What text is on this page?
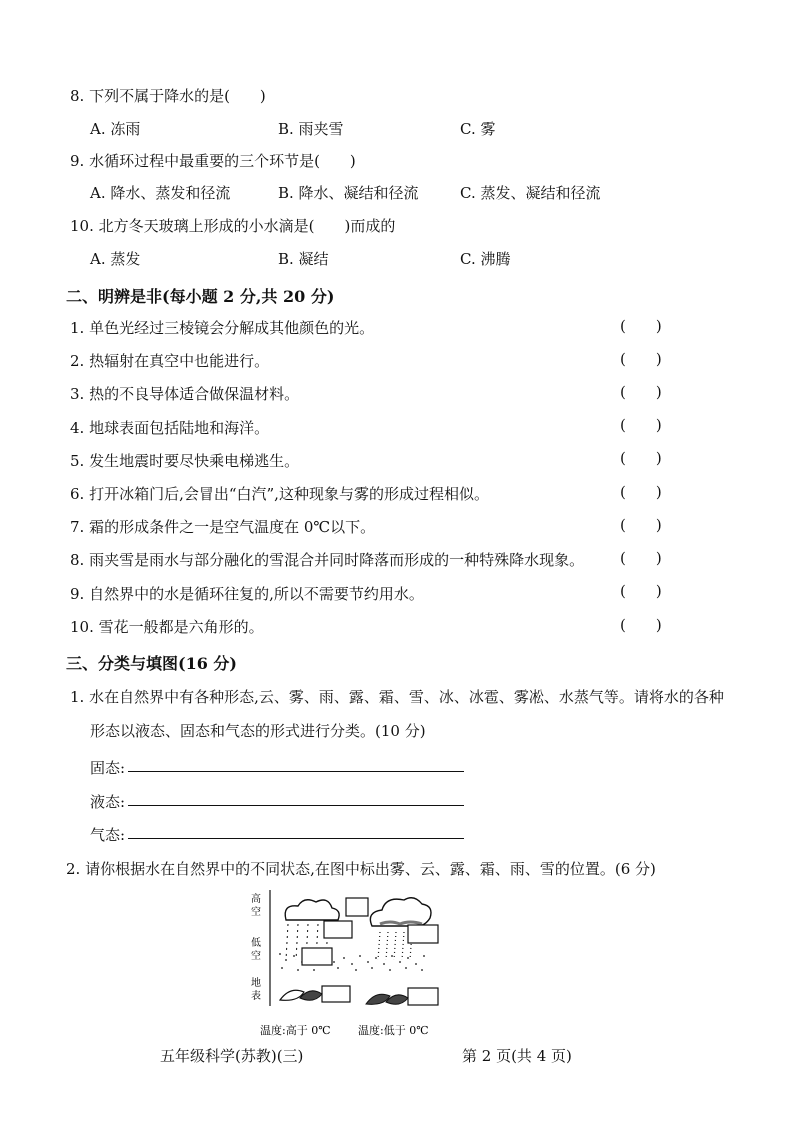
8. 下列不属于降水的是(　　)
A. 冻雨	B. 雨夹雪	C. 雾
9. 水循环过程中最重要的三个环节是(　　)
A. 降水、蒸发和径流	B. 降水、凝结和径流	C. 蒸发、凝结和径流
10. 北方冬天玻璃上形成的小水滴是(　　)而成的
A. 蒸发	B. 凝结	C. 沸腾
二、明辨是非(每小题 2 分,共 20 分)
1. 单色光经过三棱镜会分解成其他颜色的光。	(　　)
2. 热辐射在真空中也能进行。	(　　)
3. 热的不良导体适合做保温材料。	(　　)
4. 地球表面包括陆地和海洋。	(　　)
5. 发生地震时要尽快乘电梯逃生。	(　　)
6. 打开冰箱门后,会冒出“白汽”,这种现象与雾的形成过程相似。	(　　)
7. 霜的形成条件之一是空气温度在 0℃以下。	(　　)
8. 雨夹雪是雨水与部分融化的雪混合并同时降落而形成的一种特殊降水现象。 (　　)
9. 自然界中的水是循环往复的,所以不需要节约用水。	(　　)
10. 雪花一般都是六角形的。	(　　)
三、分类与填图(16 分)
1. 水在自然界中有各种形态,云、雾、雨、露、霜、雪、冰、冰雹、雾凇、水蒸气等。请将水的各种
形态以液态、固态和气态的形式进行分类。(10 分)
固态:
液态:
气态:
2. 请你根据水在自然界中的不同状态,在图中标出雾、云、露、霜、雨、雪的位置。(6 分)
高
空
低
空
地
表
温度:高于 0℃ 温度:低于 0℃
五年级科学(苏教)(三)	第 2 页(共 4 页)
